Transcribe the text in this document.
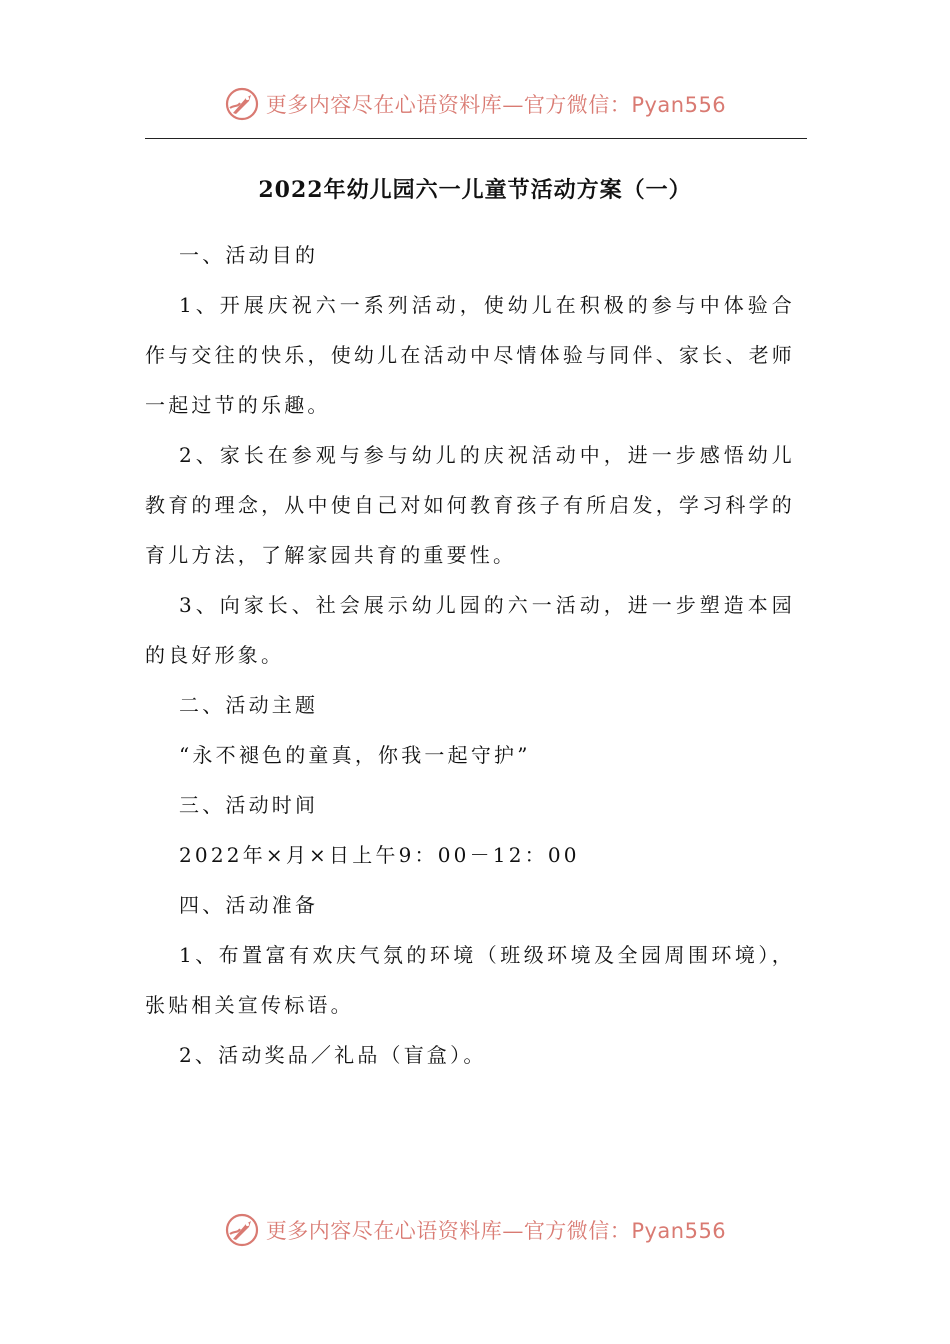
更多内容尽在心语资料库—官方微信：Pyan556
2022年幼儿园六一儿童节活动方案（一）

一、活动目的

1、开展庆祝六一系列活动，使幼儿在积极的参与中体验合作与交往的快乐，使幼儿在活动中尽情体验与同伴、家长、老师一起过节的乐趣。

2、家长在参观与参与幼儿的庆祝活动中，进一步感悟幼儿教育的理念，从中使自己对如何教育孩子有所启发，学习科学的育儿方法，了解家园共育的重要性。

3、向家长、社会展示幼儿园的六一活动，进一步塑造本园的良好形象。

二、活动主题

“永不褪色的童真，你我一起守护”

三、活动时间

2022年×月×日上午9：00－12：00

四、活动准备

1、布置富有欢庆气氛的环境（班级环境及全园周围环境），张贴相关宣传标语。

2、活动奖品／礼品（盲盒）。

更多内容尽在心语资料库—官方微信：Pyan556
